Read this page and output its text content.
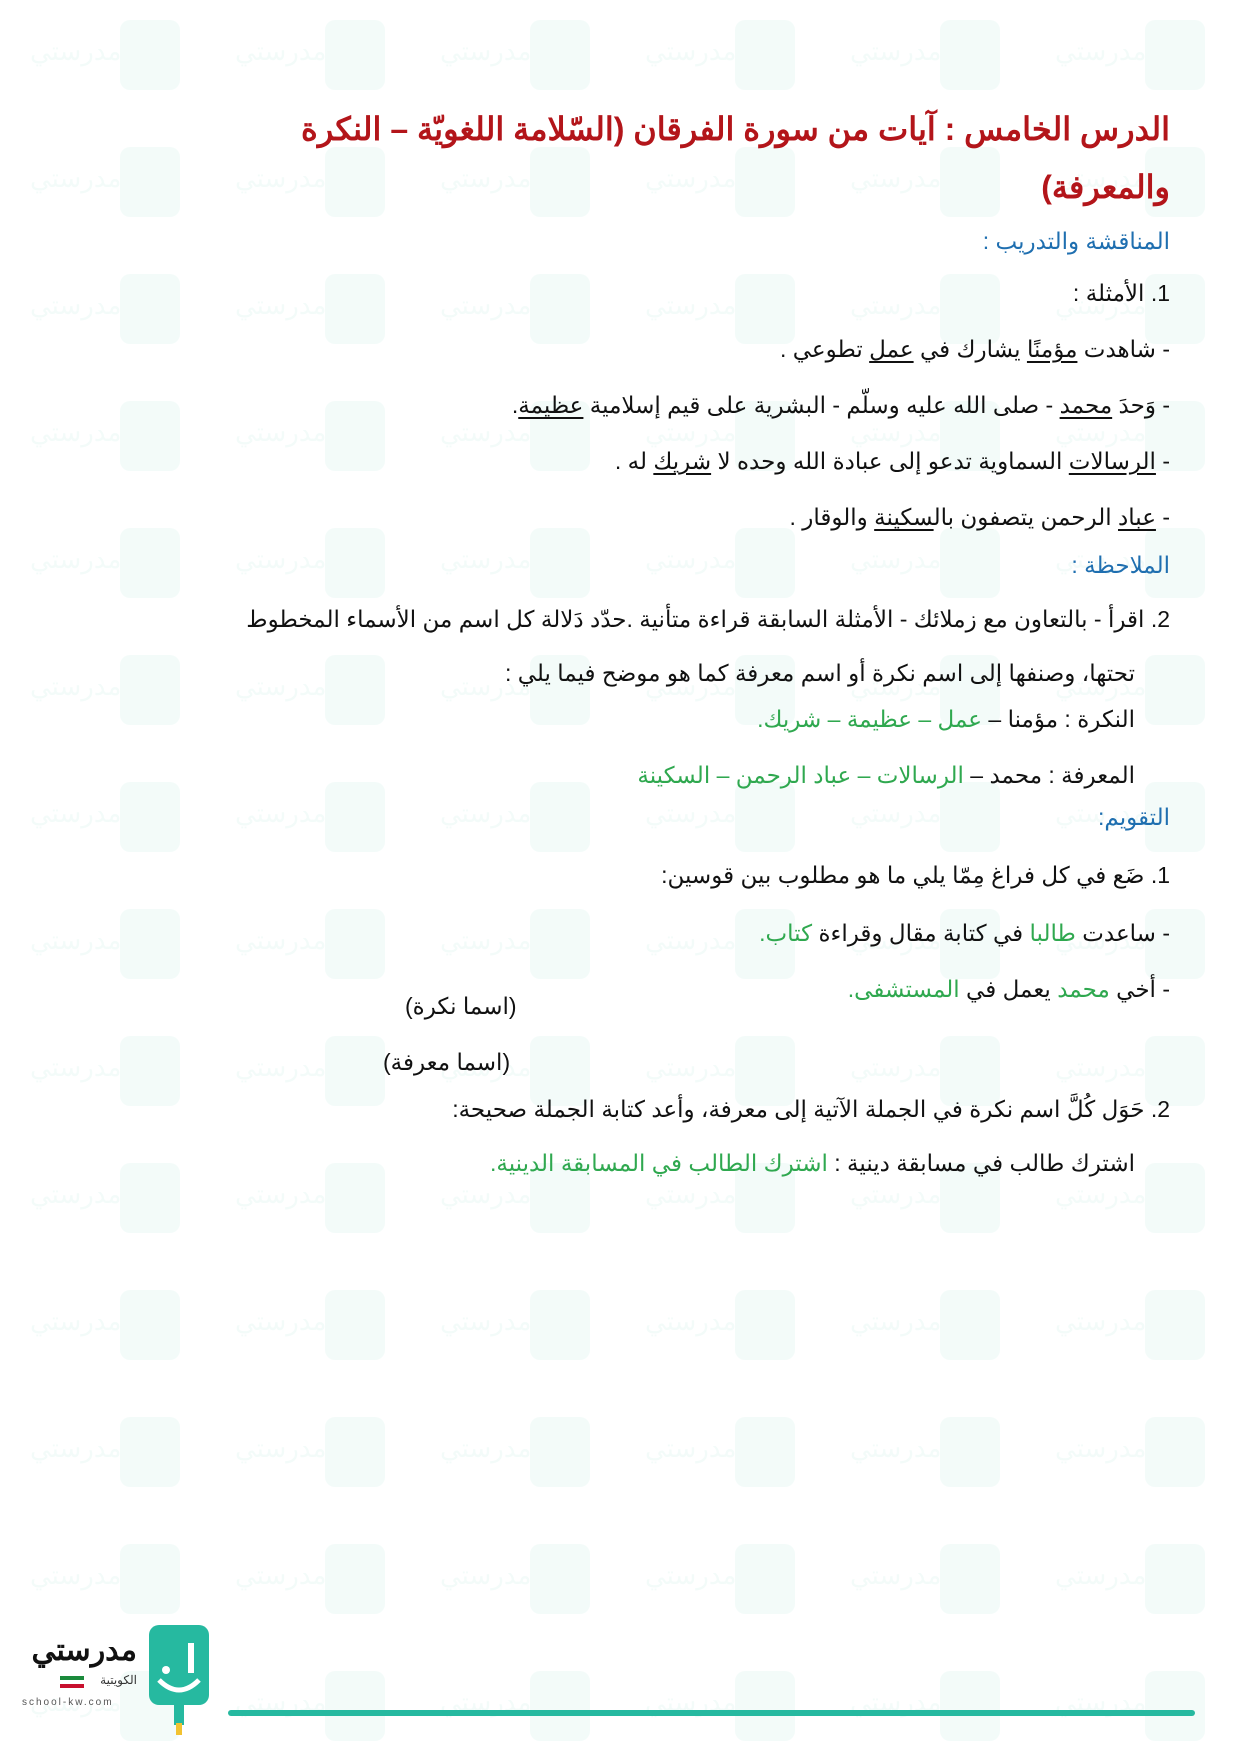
الدرس الخامس : آيات من سورة الفرقان (السّلامة اللغويّة – النكرة

والمعرفة)

المناقشة والتدريب :

1. الأمثلة :

- شاهدت مؤمنًا يشارك في عمل تطوعي .

- وَحدَ محمد - صلى الله عليه وسلّم - البشرية على قيم إسلامية عظيمة.

- الرسالات السماوية تدعو إلى عبادة الله وحده لا شريك له .

- عباد الرحمن يتصفون بالسكينة والوقار .

الملاحظة :

2. اقرأ - بالتعاون مع زملائك - الأمثلة السابقة قراءة متأنية .حدّد دَلالة كل اسم من الأسماء المخطوط

تحتها، وصنفها إلى اسم نكرة أو اسم معرفة كما هو موضح فيما يلي :

النكرة : مؤمنا – عمل – عظيمة – شريك.

المعرفة : محمد – الرسالات – عباد الرحمن – السكينة

التقويم:

1. ضَع في كل فراغ مِمّا يلي ما هو مطلوب بين قوسين:

- ساعدت طالبا في كتابة مقال وقراءة كتاب.

- أخي محمد يعمل في المستشفى.

2. حَوَل كُلَّ اسم نكرة في الجملة الآتية إلى معرفة، وأعد كتابة الجملة صحيحة:

اشترك طالب في مسابقة دينية : اشترك الطالب في المسابقة الدينية.

(اسما نكرة)
(اسما معرفة)
مدرستي
الكويتية
school-kw.com
